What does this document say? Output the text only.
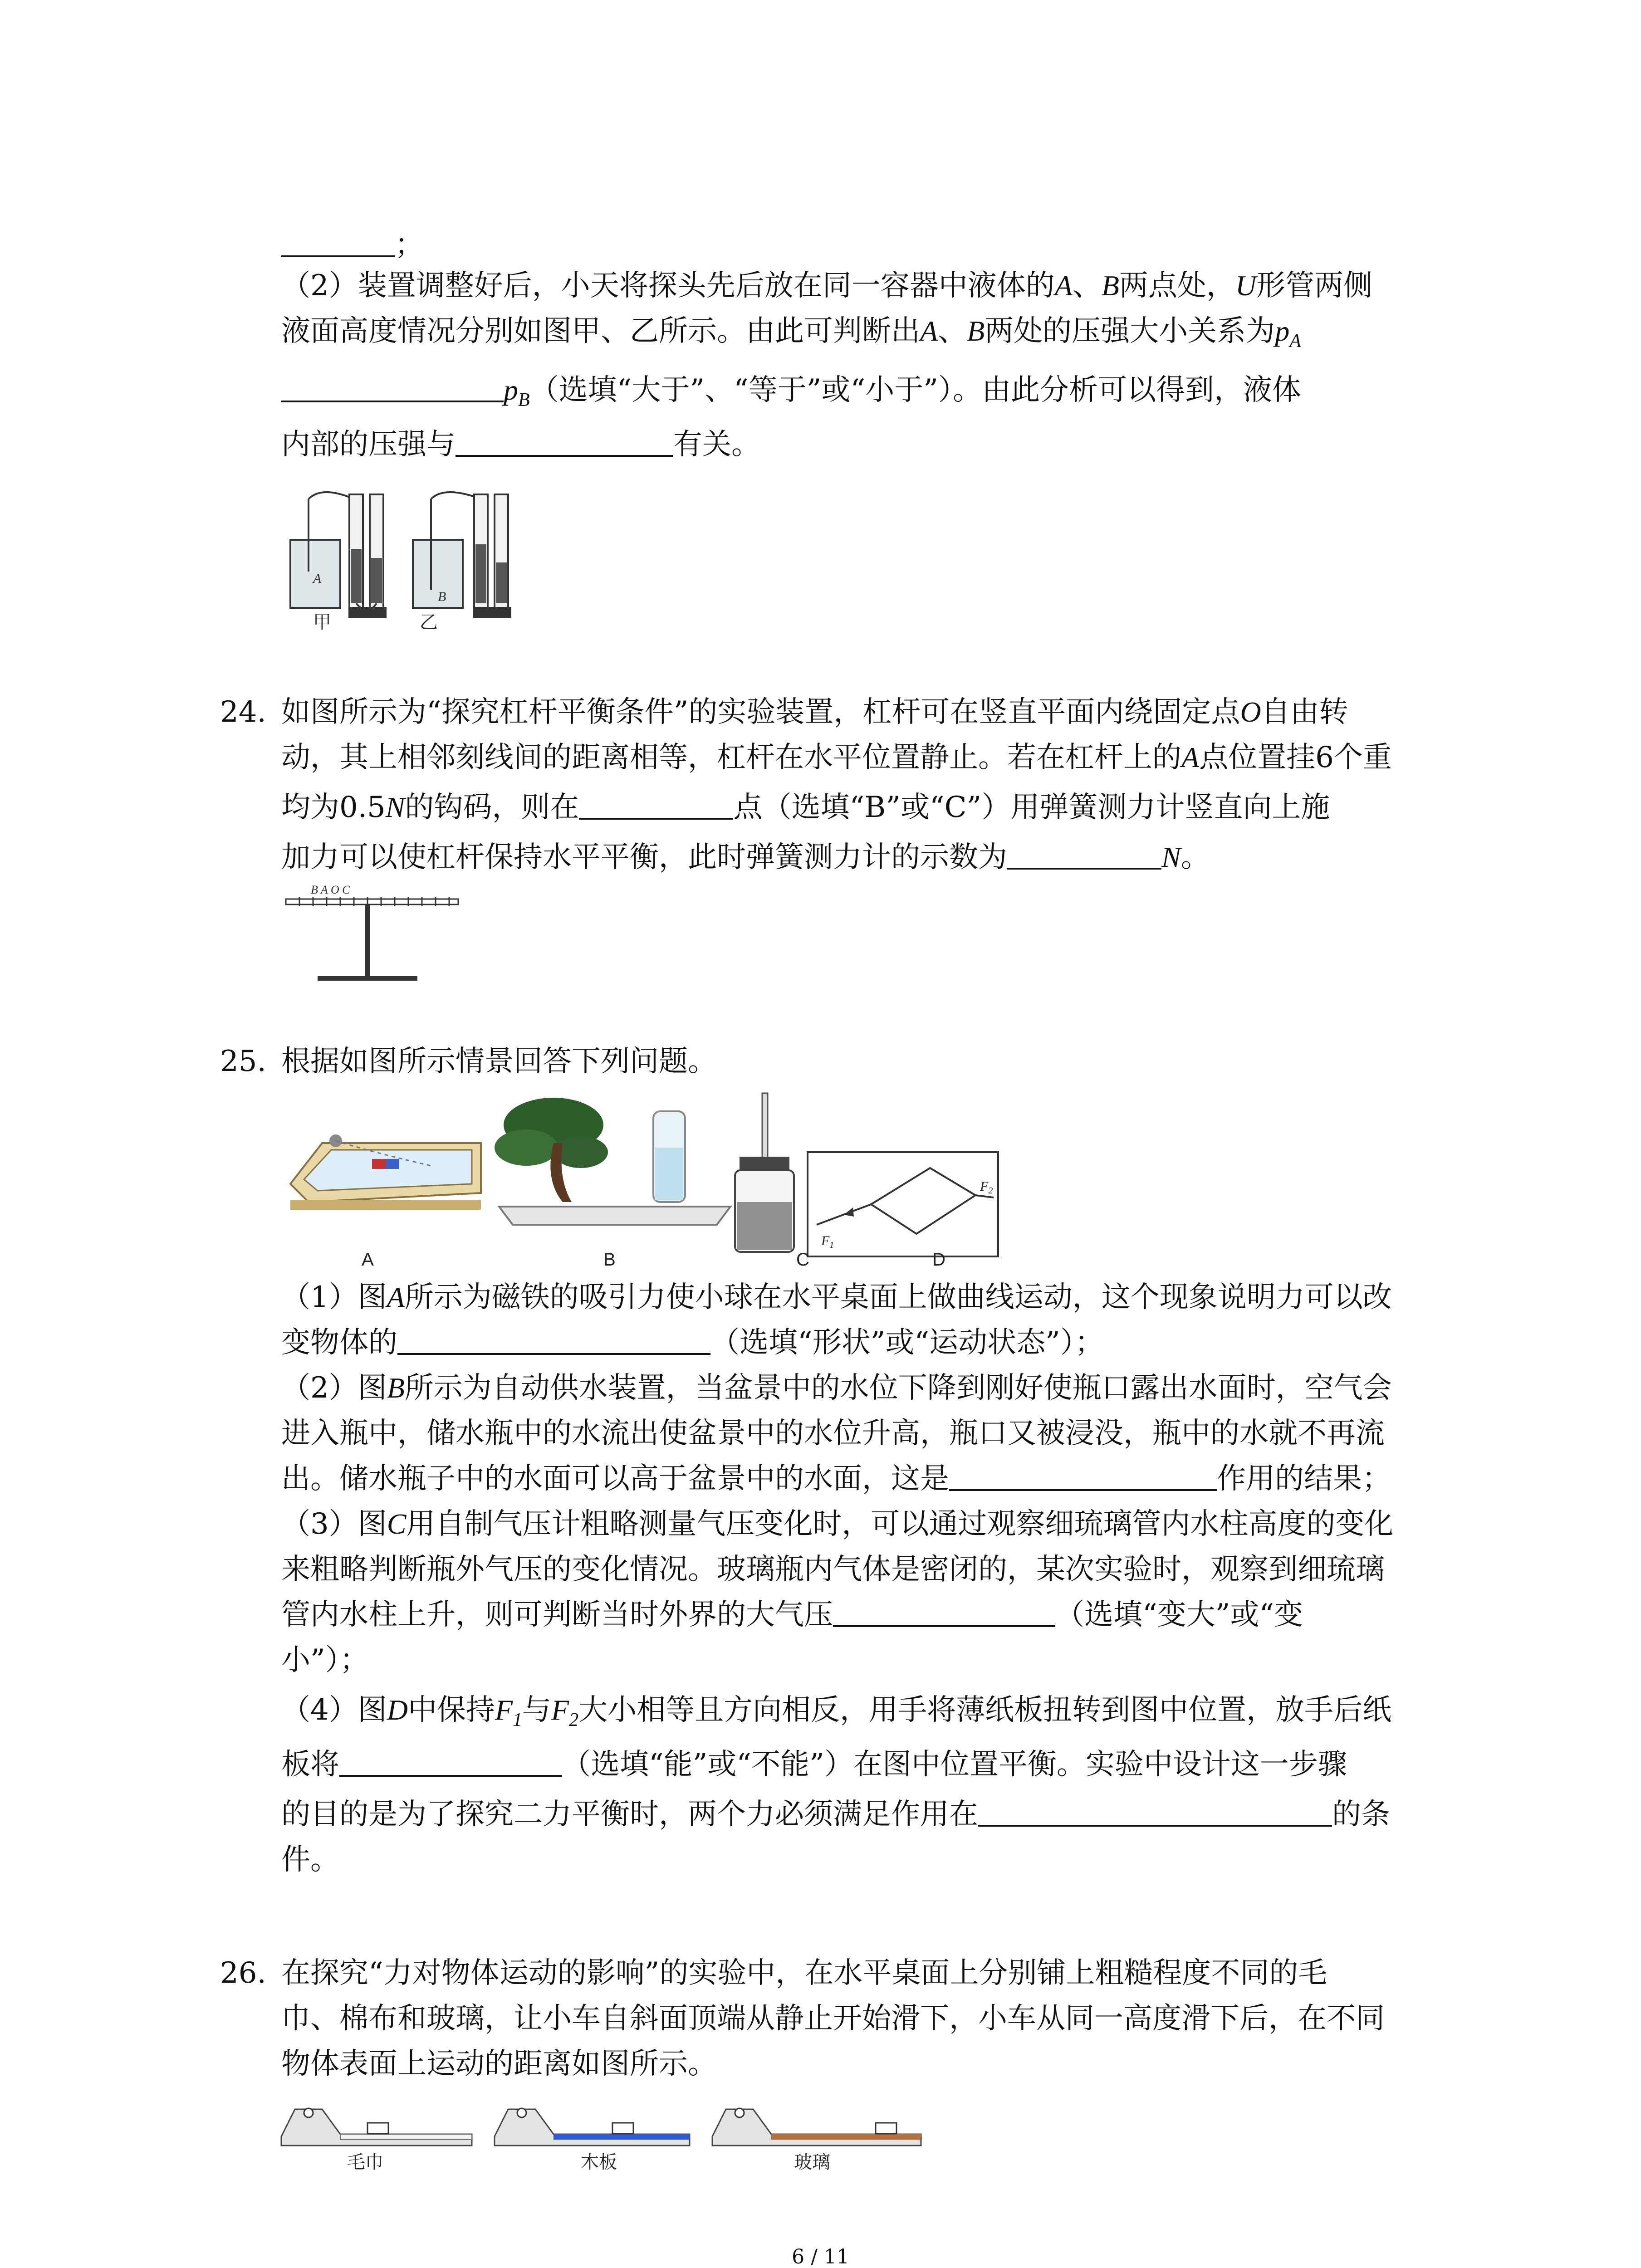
；
（2）装置调整好后，小天将探头先后放在同一容器中液体的A、B两点处，U形管两侧
液面高度情况分别如图甲、乙所示。由此可判断出A、B两处的压强大小关系为$p_A$
$p_B$（选填“大于”、“等于”或“小于”）。由此分析可以得到，液体
内部的压强与	有关。
A
B
甲	乙
24. 如图所示为“探究杠杆平衡条件”的实验装置，杠杆可在竖直平面内绕固定点O自由转
动，其上相邻刻线间的距离相等，杠杆在水平位置静止。若在杠杆上的A点位置挂6个重
均为0.5N的钩码，则在	点（选填“B”或“C”）用弹簧测力计竖直向上施
加力可以使杠杆保持水平平衡，此时弹簧测力计的示数为	N。
B A O C
25. 根据如图所示情景回答下列问题。
$F_1$
$F_2$
A	B	C	D
（1）图A所示为磁铁的吸引力使小球在水平桌面上做曲线运动，这个现象说明力可以改
变物体的	（选填“形状”或“运动状态”）；
（2）图B所示为自动供水装置，当盆景中的水位下降到刚好使瓶口露出水面时，空气会
进入瓶中，储水瓶中的水流出使盆景中的水位升高，瓶口又被浸没，瓶中的水就不再流
出。储水瓶子中的水面可以高于盆景中的水面，这是	作用的结果；
（3）图C用自制气压计粗略测量气压变化时，可以通过观察细琉璃管内水柱高度的变化
来粗略判断瓶外气压的变化情况。玻璃瓶内气体是密闭的，某次实验时，观察到细琉璃
管内水柱上升，则可判断当时外界的大气压	（选填“变大”或“变
小”）；
（4）图D中保持$F_1$与$F_2$大小相等且方向相反，用手将薄纸板扭转到图中位置，放手后纸
板将	（选填“能”或“不能”）在图中位置平衡。实验中设计这一步骤
的目的是为了探究二力平衡时，两个力必须满足作用在	的条
件。
26. 在探究“力对物体运动的影响”的实验中，在水平桌面上分别铺上粗糙程度不同的毛
巾、棉布和玻璃，让小车自斜面顶端从静止开始滑下，小车从同一高度滑下后，在不同
物体表面上运动的距离如图所示。
毛巾	木板	玻璃
6 / 11
